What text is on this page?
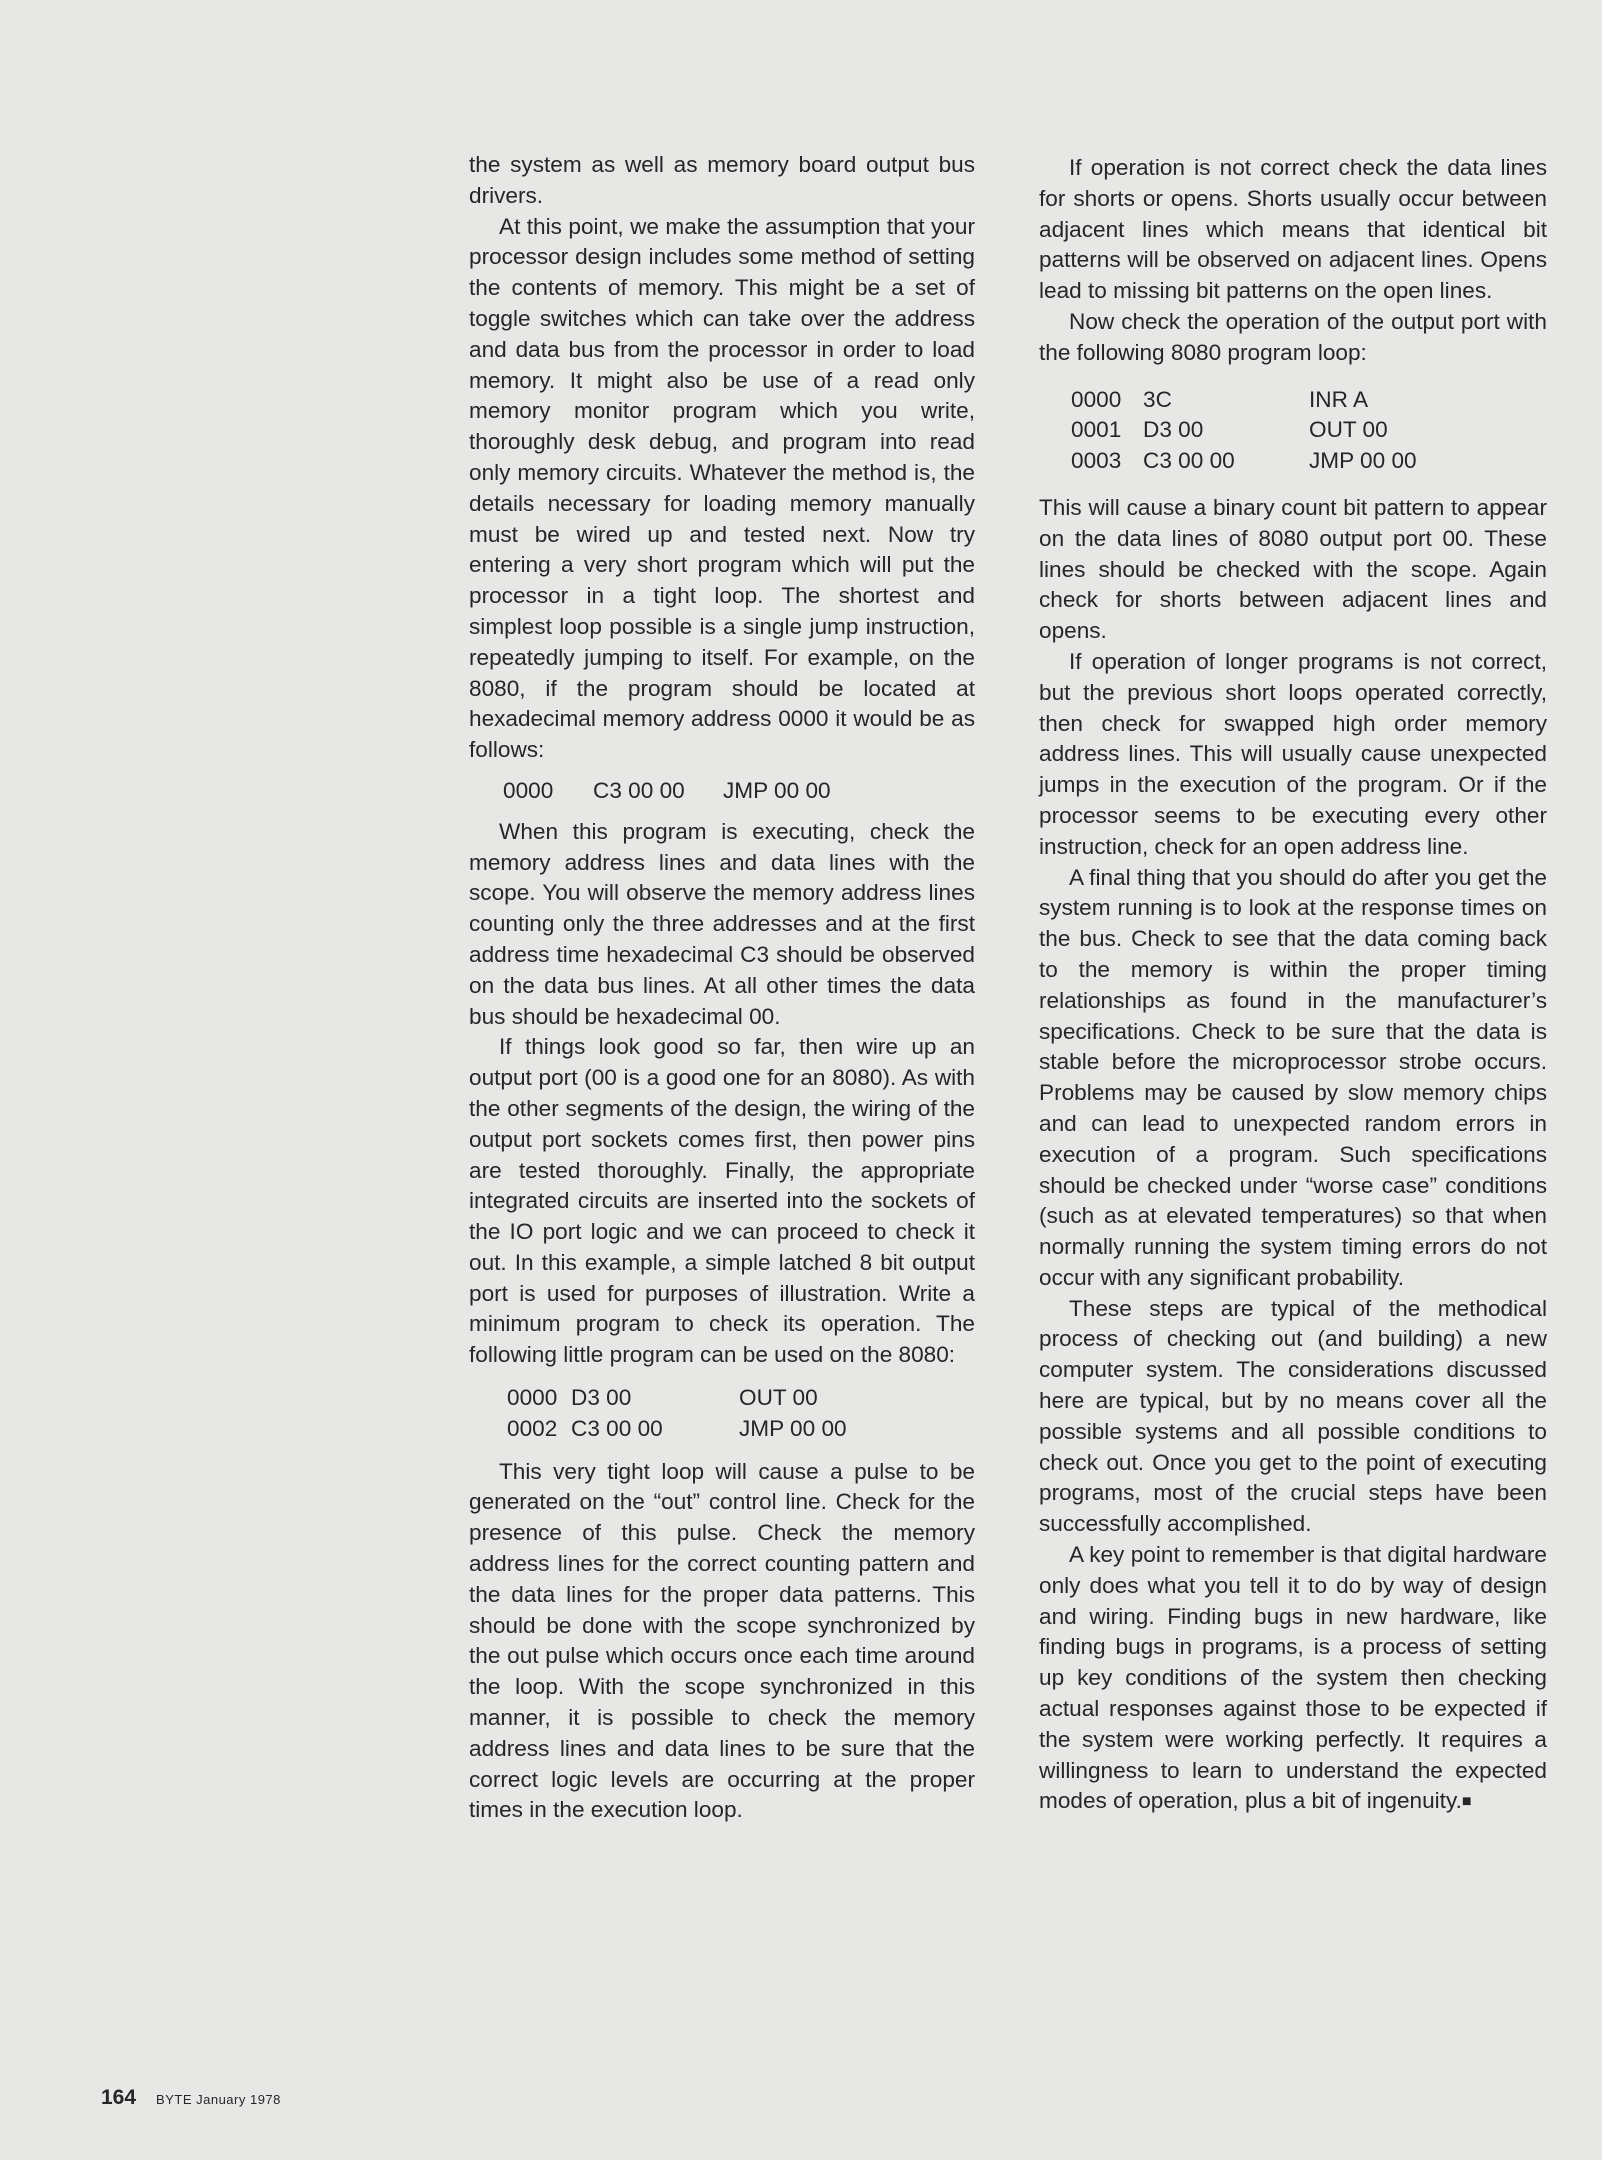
the system as well as memory board output bus drivers.

At this point, we make the assumption that your processor design includes some method of setting the contents of memory. This might be a set of toggle switches which can take over the address and data bus from the processor in order to load memory. It might also be use of a read only memory monitor program which you write, thoroughly desk debug, and program into read only memory circuits. Whatever the method is, the details necessary for loading memory manually must be wired up and tested next. Now try entering a very short program which will put the processor in a tight loop. The shortest and simplest loop possible is a single jump instruction, repeatedly jumping to itself. For example, on the 8080, if the program should be located at hexadecimal memory address 0000 it would be as follows:

0000	C3 00 00	JMP 00 00

When this program is executing, check the memory address lines and data lines with the scope. You will observe the memory address lines counting only the three addresses and at the first address time hexadecimal C3 should be observed on the data bus lines. At all other times the data bus should be hexadecimal 00.

If things look good so far, then wire up an output port (00 is a good one for an 8080). As with the other segments of the design, the wiring of the output port sockets comes first, then power pins are tested thoroughly. Finally, the appropriate integrated circuits are inserted into the sockets of the IO port logic and we can proceed to check it out. In this example, a simple latched 8 bit output port is used for purposes of illustration. Write a minimum program to check its operation. The following little program can be used on the 8080:

0000 D3 00	OUT 00
0002 C3 00 00	JMP 00 00

This very tight loop will cause a pulse to be generated on the “out” control line. Check for the presence of this pulse. Check the memory address lines for the correct counting pattern and the data lines for the proper data patterns. This should be done with the scope synchronized by the out pulse which occurs once each time around the loop. With the scope synchronized in this manner, it is possible to check the memory address lines and data lines to be sure that the correct logic levels are occurring at the proper times in the execution loop.

If operation is not correct check the data lines for shorts or opens. Shorts usually occur between adjacent lines which means that identical bit patterns will be observed on adjacent lines. Opens lead to missing bit patterns on the open lines.

Now check the operation of the output port with the following 8080 program loop:

0000 3C	INR A
0001 D3 00	OUT 00
0003 C3 00 00	JMP 00 00

This will cause a binary count bit pattern to appear on the data lines of 8080 output port 00. These lines should be checked with the scope. Again check for shorts between adjacent lines and opens.

If operation of longer programs is not correct, but the previous short loops operated correctly, then check for swapped high order memory address lines. This will usually cause unexpected jumps in the execution of the program. Or if the processor seems to be executing every other instruction, check for an open address line.

A final thing that you should do after you get the system running is to look at the response times on the bus. Check to see that the data coming back to the memory is within the proper timing relationships as found in the manufacturer’s specifications. Check to be sure that the data is stable before the microprocessor strobe occurs. Problems may be caused by slow memory chips and can lead to unexpected random errors in execution of a program. Such specifications should be checked under “worse case” conditions (such as at elevated temperatures) so that when normally running the system timing errors do not occur with any significant probability.

These steps are typical of the methodical process of checking out (and building) a new computer system. The considerations discussed here are typical, but by no means cover all the possible systems and all possible conditions to check out. Once you get to the point of executing programs, most of the crucial steps have been successfully accomplished.

A key point to remember is that digital hardware only does what you tell it to do by way of design and wiring. Finding bugs in new hardware, like finding bugs in programs, is a process of setting up key conditions of the system then checking actual responses against those to be expected if the system were working perfectly. It requires a willingness to learn to understand the expected modes of operation, plus a bit of ingenuity.■

164 BYTE January 1978
